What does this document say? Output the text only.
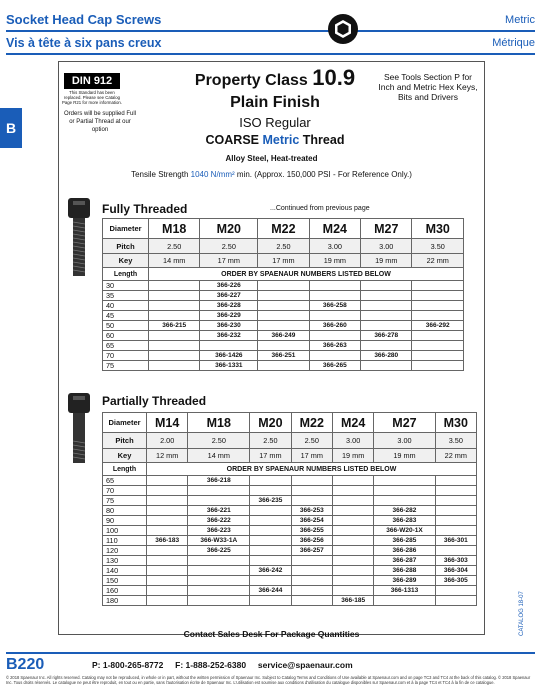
Socket Head Cap Screws
Vis à tête à six pans creux
Metric
Métrique
B
DIN 912
This Standard has been replaced. Please see Catalog Page R21 for more information.
Orders will be supplied Full or Partial Thread at our option
Property Class 10.9
Plain Finish
ISO Regular
COARSE Metric Thread
See Tools Section P for Inch and Metric Hex Keys, Bits and Drivers
Alloy Steel, Heat-treated
Tensile Strength 1040 N/mm² min. (Approx. 150,000 PSI - For Reference Only.)
Fully Threaded	...Continued from previous page
Diameter	M18	M20	M22	M24	M27	M30
Pitch	2.50	2.50	2.50	3.00	3.00	3.50
Key	14 mm	17 mm	17 mm	19 mm	19 mm	22 mm
Length	ORDER BY SPAENAUR NUMBERS LISTED BELOW					
30		366-226				
35		366-227				
40		366-228		366-258		
45		366-229				
50	366-215	366-230		366-260		366-292
60		366-232	366-249		366-278	
65				366-263		
70		366-1426	366-251		366-280	
75		366-1331		366-265		
Partially Threaded
Diameter	M14	M18	M20	M22	M24	M27	M30
Pitch	2.00	2.50	2.50	2.50	3.00	3.00	3.50
Key	12 mm	14 mm	17 mm	17 mm	19 mm	19 mm	22 mm
Length	ORDER BY SPAENAUR NUMBERS LISTED BELOW						
65		366-218					
70							
75			366-235				
80		366-221		366-253		366-282	
90		366-222		366-254		366-283	
100		366-223		366-255		366-W20-1X	
110	366-183	366-W33-1A		366-256		366-285	366-301
120		366-225		366-257		366-286	
130						366-287	366-303
140			366-242			366-288	366-304
150						366-289	366-305
160			366-244			366-1313	
180					366-185		
Contact Sales Desk For Package Quantities
B220	P: 1-800-265-8772 F: 1-888-252-6380 service@spaenaur.com
© 2018 Spaenaur Inc. All rights reserved. Catalog may not be reproduced, in whole or in part, without the written permission of Spaenaur Inc. Subject to Catalog Terms and Conditions of Use available at Spaenaur.com and on page TC3 and TC4 at the back of this catalog. © 2018 Spaenaur Inc. Tous droits réservés. Le catalogue ne peut être reproduit, en tout ou en partie, sans l'autorisation écrite de Spaenaur Inc. L'utilisation est soumise aux conditions d'utilisation du catalogue disponibles sur Spaenaur.com et à la page TC4 et TC4 à la fin de ce catalogue.
CATALOG 18-07
